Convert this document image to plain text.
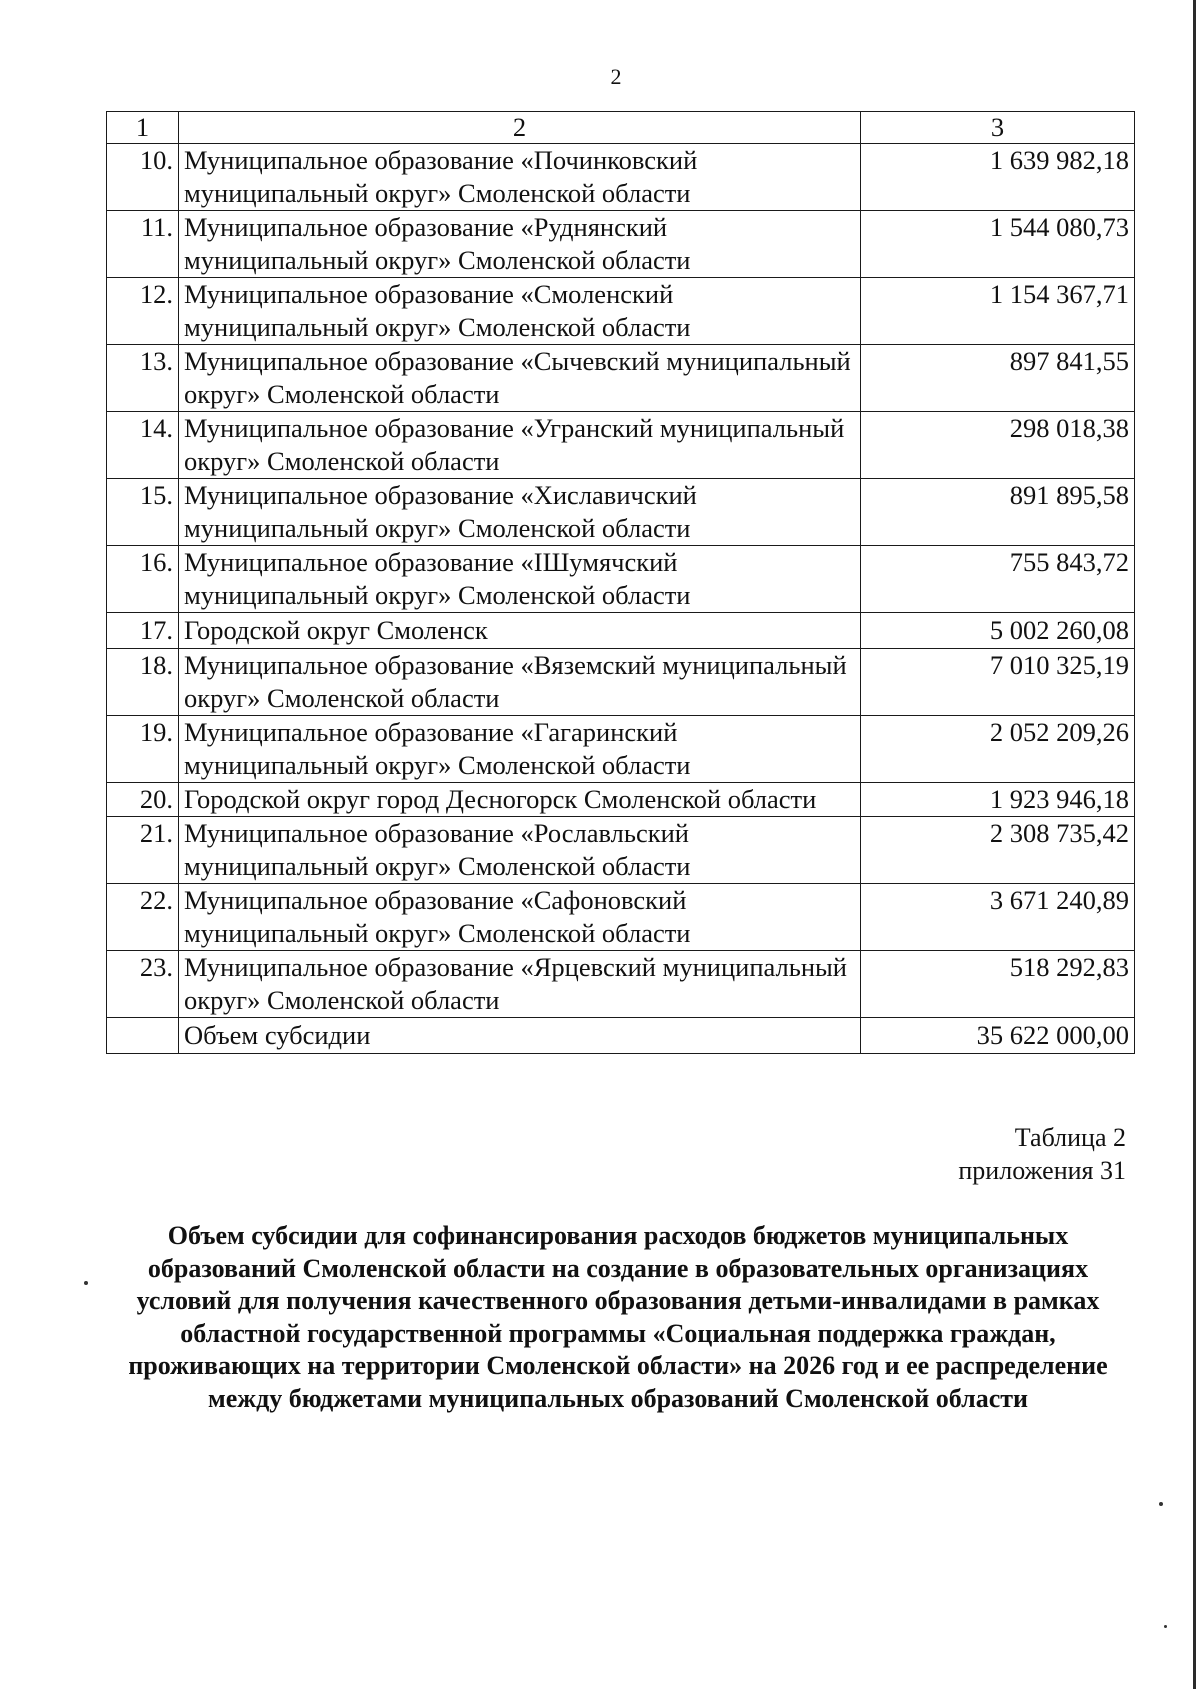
2
1	2	3
10.	Муниципальное образование «Починковский муниципальный округ» Смоленской области	1 639 982,18
11.	Муниципальное образование «Руднянский муниципальный округ» Смоленской области	1 544 080,73
12.	Муниципальное образование «Смоленский муниципальный округ» Смоленской области	1 154 367,71
13.	Муниципальное образование «Сычевский муниципальный округ» Смоленской области	897 841,55
14.	Муниципальное образование «Угранский муниципальный округ» Смоленской области	298 018,38
15.	Муниципальное образование «Хиславичский муниципальный округ» Смоленской области	891 895,58
16.	Муниципальное образование «IШумячский муниципальный округ» Смоленской области	755 843,72
17.	Городской округ Смоленск	5 002 260,08
18.	Муниципальное образование «Вяземский муниципальный округ» Смоленской области	7 010 325,19
19.	Муниципальное образование «Гагаринский муниципальный округ» Смоленской области	2 052 209,26
20.	Городской округ город Десногорск Смоленской области	1 923 946,18
21.	Муниципальное образование «Рославльский муниципальный округ» Смоленской области	2 308 735,42
22.	Муниципальное образование «Сафоновский муниципальный округ» Смоленской области	3 671 240,89
23.	Муниципальное образование «Ярцевский муниципальный округ» Смоленской области	518 292,83
	Объем субсидии	35 622 000,00
Таблица 2
приложения 31
Объем субсидии для софинансирования расходов бюджетов муниципальных образований Смоленской области на создание в образовательных организациях условий для получения качественного образования детьми-инвалидами в рамках областной государственной программы «Социальная поддержка граждан, проживающих на территории Смоленской области» на 2026 год и ее распределение между бюджетами муниципальных образований Смоленской области
